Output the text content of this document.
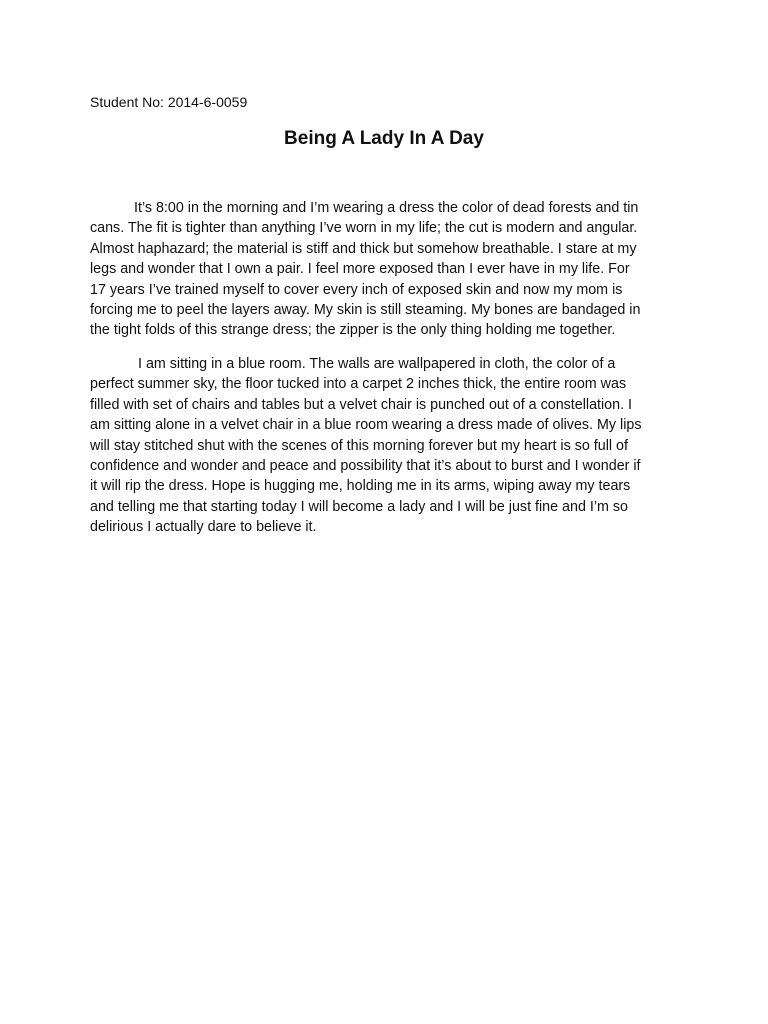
Student No: 2014-6-0059
Being A Lady In A Day
It’s 8:00 in the morning and I’m wearing a dress the color of dead forests and tin
cans. The fit is tighter than anything I’ve worn in my life; the cut is modern and angular.
Almost haphazard; the material is stiff and thick but somehow breathable. I stare at my
legs and wonder that I own a pair. I feel more exposed than I ever have in my life. For
17 years I’ve trained myself to cover every inch of exposed skin and now my mom is
forcing me to peel the layers away. My skin is still steaming. My bones are bandaged in
the tight folds of this strange dress; the zipper is the only thing holding me together.
I am sitting in a blue room. The walls are wallpapered in cloth, the color of a
perfect summer sky, the floor tucked into a carpet 2 inches thick, the entire room was
filled with set of chairs and tables but a velvet chair is punched out of a constellation. I
am sitting alone in a velvet chair in a blue room wearing a dress made of olives. My lips
will stay stitched shut with the scenes of this morning forever but my heart is so full of
confidence and wonder and peace and possibility that it’s about to burst and I wonder if
it will rip the dress. Hope is hugging me, holding me in its arms, wiping away my tears
and telling me that starting today I will become a lady and I will be just fine and I’m so
delirious I actually dare to believe it.
